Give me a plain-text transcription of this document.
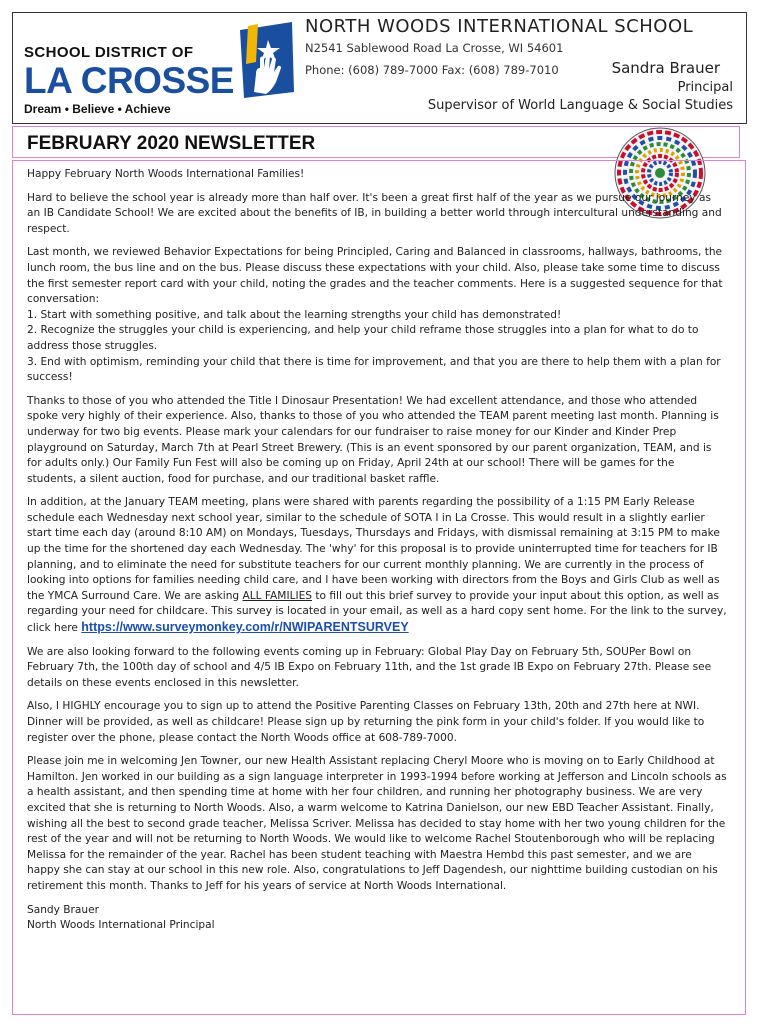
SCHOOL DISTRICT OF
LA CROSSE
Dream • Believe • Achieve
NORTH WOODS INTERNATIONAL SCHOOL
N2541 Sablewood Road La Crosse, WI 54601
Phone: (608) 789-7000 Fax: (608) 789-7010	Sandra Brauer
Principal
Supervisor of World Language & Social Studies
FEBRUARY 2020 NEWSLETTER

Happy February North Woods International Families!

Hard to believe the school year is already more than half over. It's been a great first half of the year as we pursue our journey as an IB Candidate School! We are excited about the benefits of IB, in building a better world through intercultural understanding and respect.

Last month, we reviewed Behavior Expectations for being Principled, Caring and Balanced in classrooms, hallways, bathrooms, the lunch room, the bus line and on the bus. Please discuss these expectations with your child. Also, please take some time to discuss the first semester report card with your child, noting the grades and the teacher comments. Here is a suggested sequence for that conversation:
1. Start with something positive, and talk about the learning strengths your child has demonstrated!
2. Recognize the struggles your child is experiencing, and help your child reframe those struggles into a plan for what to do to address those struggles.
3. End with optimism, reminding your child that there is time for improvement, and that you are there to help them with a plan for success!

Thanks to those of you who attended the Title I Dinosaur Presentation! We had excellent attendance, and those who attended spoke very highly of their experience. Also, thanks to those of you who attended the TEAM parent meeting last month. Planning is underway for two big events. Please mark your calendars for our fundraiser to raise money for our Kinder and Kinder Prep playground on Saturday, March 7th at Pearl Street Brewery. (This is an event sponsored by our parent organization, TEAM, and is for adults only.) Our Family Fun Fest will also be coming up on Friday, April 24th at our school! There will be games for the students, a silent auction, food for purchase, and our traditional basket raffle.

In addition, at the January TEAM meeting, plans were shared with parents regarding the possibility of a 1:15 PM Early Release schedule each Wednesday next school year, similar to the schedule of SOTA I in La Crosse. This would result in a slightly earlier start time each day (around 8:10 AM) on Mondays, Tuesdays, Thursdays and Fridays, with dismissal remaining at 3:15 PM to make up the time for the shortened day each Wednesday. The 'why' for this proposal is to provide uninterrupted time for teachers for IB planning, and to eliminate the need for substitute teachers for our current monthly planning. We are currently in the process of looking into options for families needing child care, and I have been working with directors from the Boys and Girls Club as well as the YMCA Surround Care. We are asking ALL FAMILIES to fill out this brief survey to provide your input about this option, as well as regarding your need for childcare. This survey is located in your email, as well as a hard copy sent home. For the link to the survey, click here https://www.surveymonkey.com/r/NWIPARENTSURVEY

We are also looking forward to the following events coming up in February: Global Play Day on February 5th, SOUPer Bowl on February 7th, the 100th day of school and 4/5 IB Expo on February 11th, and the 1st grade IB Expo on February 27th. Please see details on these events enclosed in this newsletter.

Also, I HIGHLY encourage you to sign up to attend the Positive Parenting Classes on February 13th, 20th and 27th here at NWI. Dinner will be provided, as well as childcare! Please sign up by returning the pink form in your child's folder. If you would like to register over the phone, please contact the North Woods office at 608-789-7000.

Please join me in welcoming Jen Towner, our new Health Assistant replacing Cheryl Moore who is moving on to Early Childhood at Hamilton. Jen worked in our building as a sign language interpreter in 1993-1994 before working at Jefferson and Lincoln schools as a health assistant, and then spending time at home with her four children, and running her photography business. We are very excited that she is returning to North Woods. Also, a warm welcome to Katrina Danielson, our new EBD Teacher Assistant. Finally, wishing all the best to second grade teacher, Melissa Scriver. Melissa has decided to stay home with her two young children for the rest of the year and will not be returning to North Woods. We would like to welcome Rachel Stoutenborough who will be replacing Melissa for the remainder of the year. Rachel has been student teaching with Maestra Hembd this past semester, and we are happy she can stay at our school in this new role. Also, congratulations to Jeff Dagendesh, our nighttime building custodian on his retirement this month. Thanks to Jeff for his years of service at North Woods International.

Sandy Brauer
North Woods International Principal
